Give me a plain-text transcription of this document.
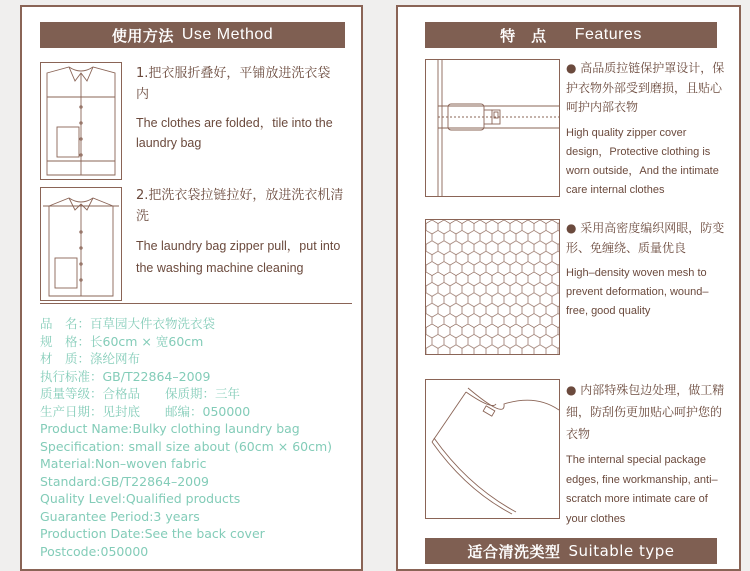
使用方法 Use Method
1.把衣服折叠好，平铺放进洗衣袋内
The clothes are folded，tile into the laundry bag
2.把洗衣袋拉链拉好，放进洗衣机清洗
The laundry bag zipper pull，put into the washing machine cleaning
品　名：百草园大件衣物洗衣袋
规　格：长60cm × 宽60cm
材　质：涤纶网布
执行标准：GB/T22864–2009
质量等级：合格品　　保质期：三年
生产日期：见封底　　邮编：050000
Product Name:Bulky clothing laundry bag
Specification: small size about (60cm × 60cm)
Material:Non–woven fabric
Standard:GB/T22864–2009
Quality Level:Qualified products
Guarantee Period:3 years
Production Date:See the back cover
Postcode:050000
特　点 Features
● 高品质拉链保护罩设计，保护衣物外部受到磨损，且贴心呵护内部衣物
High quality zipper cover design，Protective clothing is worn outside，And the intimate care internal clothes
● 采用高密度编织网眼，防变形、免缠绕、质量优良
High–density woven mesh to prevent deformation, wound–free, good quality
● 内部特殊包边处理，做工精细，防刮伤更加贴心呵护您的衣物
The internal special package edges, fine workmanship, anti–scratch more intimate care of your clothes
适合清洗类型 Suitable type
